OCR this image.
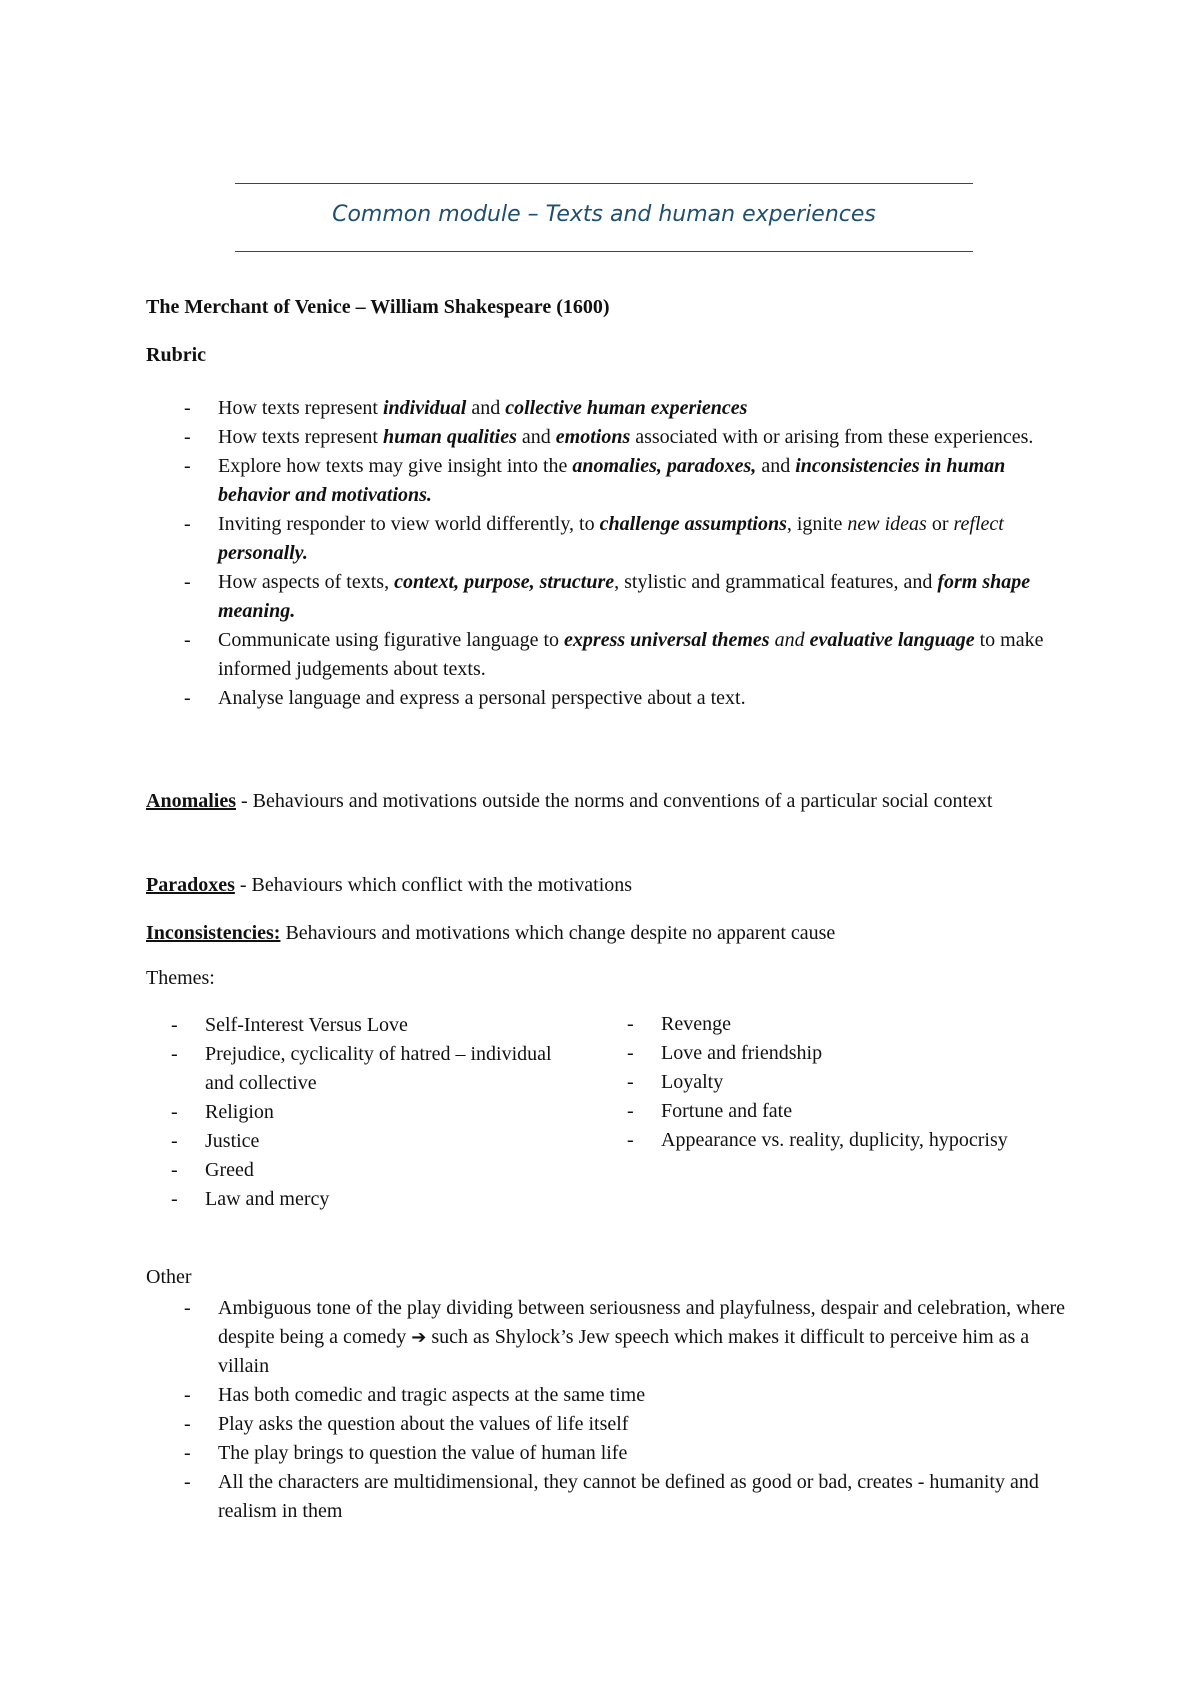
Common module – Texts and human experiences

The Merchant of Venice – William Shakespeare (1600)

Rubric

- How texts represent individual and collective human experiences
- How texts represent human qualities and emotions associated with or arising from these experiences.
- Explore how texts may give insight into the anomalies, paradoxes, and inconsistencies in human behavior and motivations.
- Inviting responder to view world differently, to challenge assumptions, ignite new ideas or reflect personally.
- How aspects of texts, context, purpose, structure, stylistic and grammatical features, and form shape meaning.
- Communicate using figurative language to express universal themes and evaluative language to make informed judgements about texts.
- Analyse language and express a personal perspective about a text.

Anomalies - Behaviours and motivations outside the norms and conventions of a particular social context

Paradoxes - Behaviours which conflict with the motivations

Inconsistencies: Behaviours and motivations which change despite no apparent cause

Themes:

- Self-Interest Versus Love
- Prejudice, cyclicality of hatred – individual and collective
- Religion
- Justice
- Greed
- Law and mercy
- Revenge
- Love and friendship
- Loyalty
- Fortune and fate
- Appearance vs. reality, duplicity, hypocrisy

Other

- Ambiguous tone of the play dividing between seriousness and playfulness, despair and celebration, where despite being a comedy ➔ such as Shylock’s Jew speech which makes it difficult to perceive him as a villain
- Has both comedic and tragic aspects at the same time
- Play asks the question about the values of life itself
- The play brings to question the value of human life
- All the characters are multidimensional, they cannot be defined as good or bad, creates - humanity and realism in them
